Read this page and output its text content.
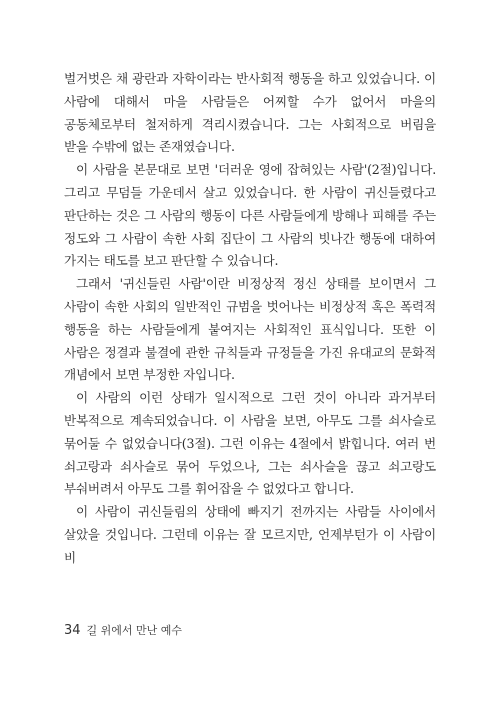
벌거벗은 채 광란과 자학이라는 반사회적 행동을 하고 있었습니다. 이 사람에 대해서 마을 사람들은 어찌할 수가 없어서 마을의 공동체로부터 철저하게 격리시켰습니다. 그는 사회적으로 버림을 받을 수밖에 없는 존재였습니다.

이 사람을 본문대로 보면 '더러운 영에 잡혀있는 사람'(2절)입니다. 그리고 무덤들 가운데서 살고 있었습니다. 한 사람이 귀신들렸다고 판단하는 것은 그 사람의 행동이 다른 사람들에게 방해나 피해를 주는 정도와 그 사람이 속한 사회 집단이 그 사람의 빗나간 행동에 대하여 가지는 태도를 보고 판단할 수 있습니다.

그래서 '귀신들린 사람'이란 비정상적 정신 상태를 보이면서 그 사람이 속한 사회의 일반적인 규범을 벗어나는 비정상적 혹은 폭력적 행동을 하는 사람들에게 붙여지는 사회적인 표식입니다. 또한 이 사람은 정결과 불결에 관한 규칙들과 규정들을 가진 유대교의 문화적 개념에서 보면 부정한 자입니다.

이 사람의 이런 상태가 일시적으로 그런 것이 아니라 과거부터 반복적으로 계속되었습니다. 이 사람을 보면, 아무도 그를 쇠사슬로 묶어둘 수 없었습니다(3절). 그런 이유는 4절에서 밝힙니다. 여러 번 쇠고랑과 쇠사슬로 묶어 두었으나, 그는 쇠사슬을 끊고 쇠고랑도 부숴버려서 아무도 그를 휘어잡을 수 없었다고 합니다.

이 사람이 귀신들림의 상태에 빠지기 전까지는 사람들 사이에서 살았을 것입니다. 그런데 이유는 잘 모르지만, 언제부턴가 이 사람이 비

34 길 위에서 만난 예수
